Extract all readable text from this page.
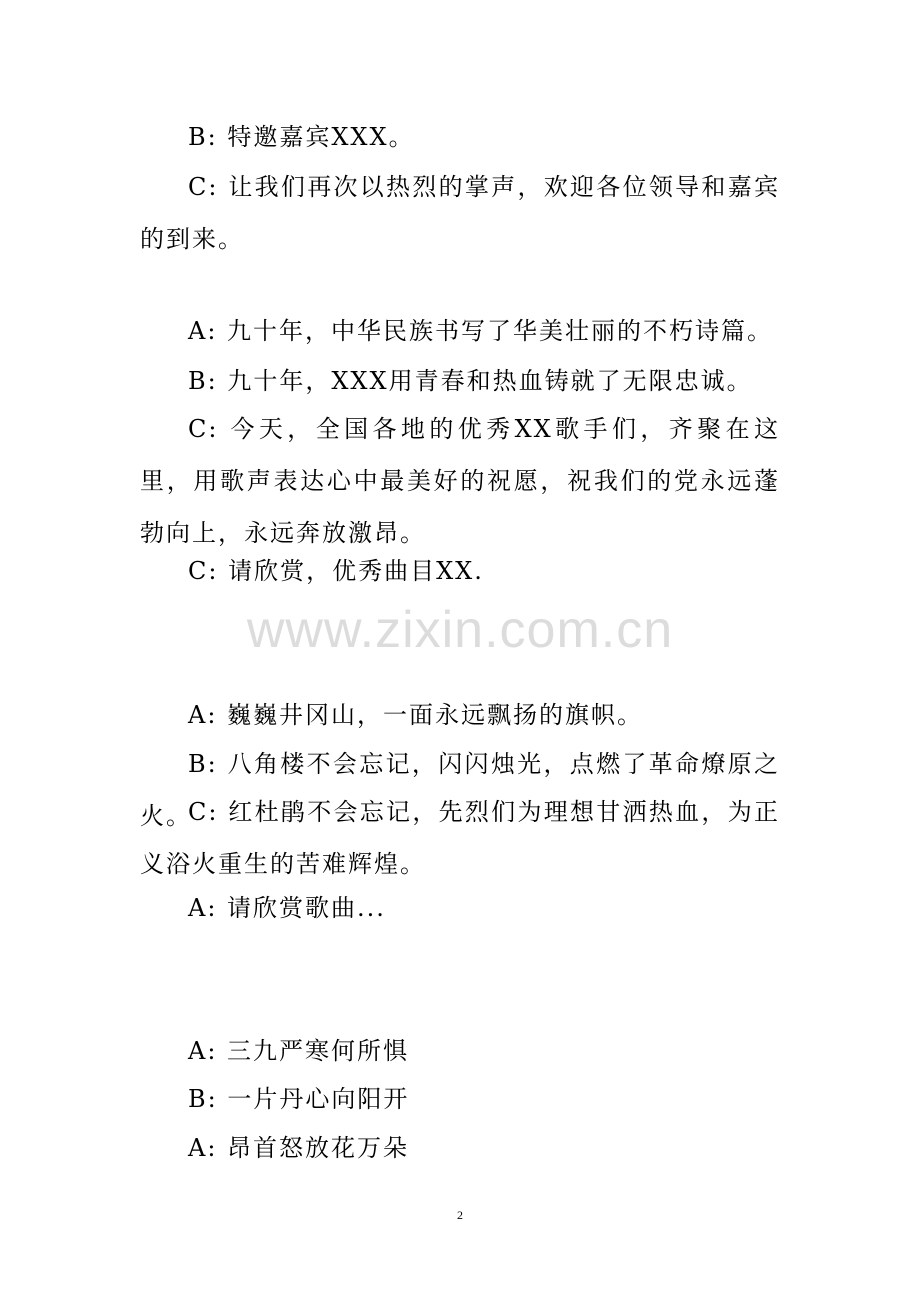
B: 特邀嘉宾XXX。

C: 让我们再次以热烈的掌声，欢迎各位领导和嘉宾的到来。

A: 九十年，中华民族书写了华美壮丽的不朽诗篇。

B: 九十年，XXX用青春和热血铸就了无限忠诚。

C: 今天，全国各地的优秀XX歌手们，齐聚在这里，用歌声表达心中最美好的祝愿，祝我们的党永远蓬勃向上，永远奔放激昂。

C: 请欣赏，优秀曲目XX.

www.zixin.com.cn

A: 巍巍井冈山，一面永远飘扬的旗帜。

B: 八角楼不会忘记，闪闪烛光，点燃了革命燎原之火。

C: 红杜鹃不会忘记，先烈们为理想甘洒热血，为正义浴火重生的苦难辉煌。

A: 请欣赏歌曲...

A: 三九严寒何所惧

B: 一片丹心向阳开

A: 昂首怒放花万朵

2
